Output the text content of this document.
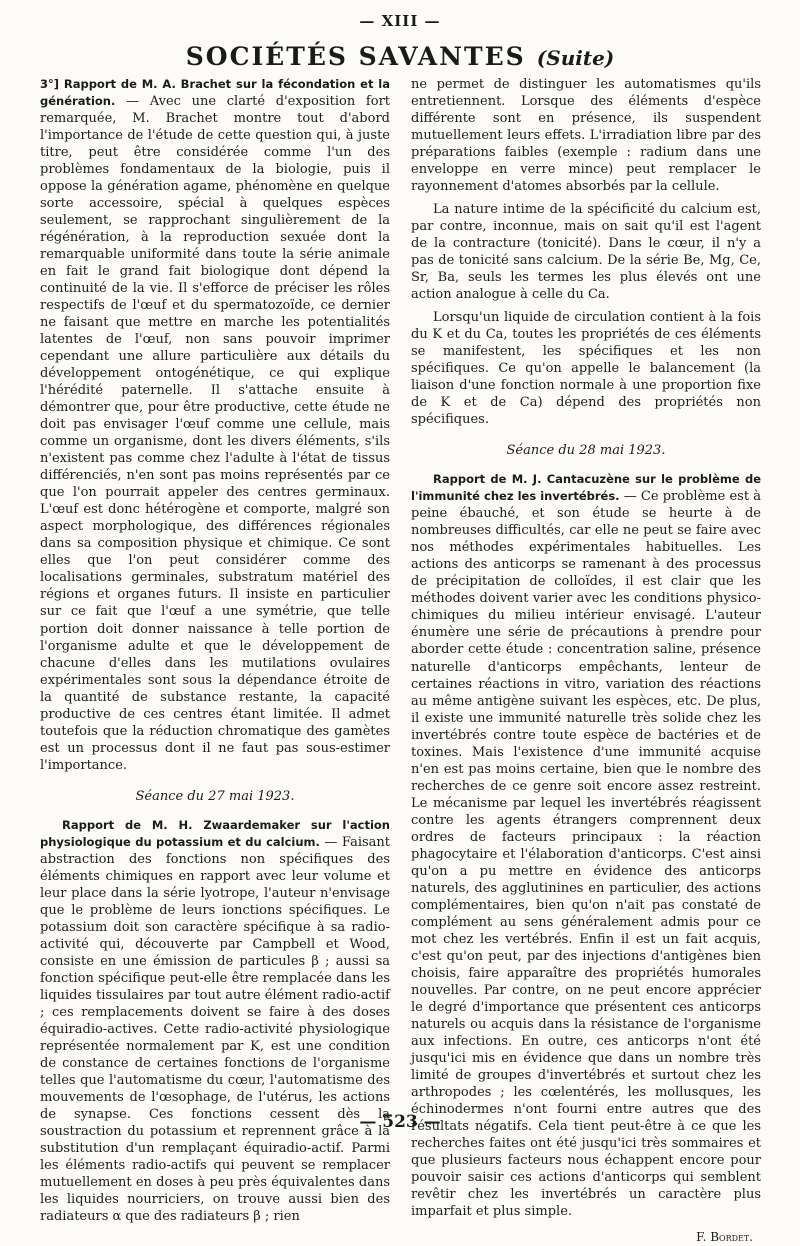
— XIII —
SOCIÉTÉS SAVANTES (Suite)

3°] Rapport de M. A. Brachet sur la fécondation et la génération. — Avec une clarté d'exposition fort remarquée, M. Brachet montre tout d'abord l'importance de l'étude de cette question qui, à juste titre, peut être considérée comme l'un des problèmes fondamentaux de la biologie, puis il oppose la génération agame, phénomène en quelque sorte accessoire, spécial à quelques espèces seulement, se rapprochant singulièrement de la régénération, à la reproduction sexuée dont la remarquable uniformité dans toute la série animale en fait le grand fait biologique dont dépend la continuité de la vie. Il s'efforce de préciser les rôles respectifs de l'œuf et du spermatozoïde, ce dernier ne faisant que mettre en marche les potentialités latentes de l'œuf, non sans pouvoir imprimer cependant une allure particulière aux détails du développement ontogénétique, ce qui explique l'hérédité paternelle. Il s'attache ensuite à démontrer que, pour être productive, cette étude ne doit pas envisager l'œuf comme une cellule, mais comme un organisme, dont les divers éléments, s'ils n'existent pas comme chez l'adulte à l'état de tissus différenciés, n'en sont pas moins représentés par ce que l'on pourrait appeler des centres germinaux. L'œuf est donc hétérogène et comporte, malgré son aspect morphologique, des différences régionales dans sa composition physique et chimique. Ce sont elles que l'on peut considérer comme des localisations germinales, substratum matériel des régions et organes futurs. Il insiste en particulier sur ce fait que l'œuf a une symétrie, que telle portion doit donner naissance à telle portion de l'organisme adulte et que le développement de chacune d'elles dans les mutilations ovulaires expérimentales sont sous la dépendance étroite de la quantité de substance restante, la capacité productive de ces centres étant limitée. Il admet toutefois que la réduction chromatique des gamètes est un processus dont il ne faut pas sous-estimer l'importance.

Séance du 27 mai 1923.

Rapport de M. H. Zwaardemaker sur l'action physiologique du potassium et du calcium. — Faisant abstraction des fonctions non spécifiques des éléments chimiques en rapport avec leur volume et leur place dans la série lyotrope, l'auteur n'envisage que le problème de leurs ionctions spécifiques. Le potassium doit son caractère spécifique à sa radio-activité qui, découverte par Campbell et Wood, consiste en une émission de particules β ; aussi sa fonction spécifique peut-elle être remplacée dans les liquides tissulaires par tout autre élément radio-actif ; ces remplacements doivent se faire à des doses équiradio-actives. Cette radio-activité physiologique représentée normalement par K, est une condition de constance de certaines fonctions de l'organisme telles que l'automatisme du cœur, l'automatisme des mouvements de l'œsophage, de l'utérus, les actions de synapse. Ces fonctions cessent dès la soustraction du potassium et reprennent grâce à la substitution d'un remplaçant équiradio-actif. Parmi les éléments radio-actifs qui peuvent se remplacer mutuellement en doses à peu près équivalentes dans les liquides nourriciers, on trouve aussi bien des radiateurs α que des radiateurs β ; rien

ne permet de distinguer les automatismes qu'ils entretiennent. Lorsque des éléments d'espèce différente sont en présence, ils suspendent mutuellement leurs effets. L'irradiation libre par des préparations faibles (exemple : radium dans une enveloppe en verre mince) peut remplacer le rayonnement d'atomes absorbés par la cellule.

La nature intime de la spécificité du calcium est, par contre, inconnue, mais on sait qu'il est l'agent de la contracture (tonicité). Dans le cœur, il n'y a pas de tonicité sans calcium. De la série Be, Mg, Ce, Sr, Ba, seuls les termes les plus élevés ont une action analogue à celle du Ca.

Lorsqu'un liquide de circulation contient à la fois du K et du Ca, toutes les propriétés de ces éléments se manifestent, les spécifiques et les non spécifiques. Ce qu'on appelle le balancement (la liaison d'une fonction normale à une proportion fixe de K et de Ca) dépend des propriétés non spécifiques.

Séance du 28 mai 1923.

Rapport de M. J. Cantacuzène sur le problème de l'immunité chez les invertébrés. — Ce problème est à peine ébauché, et son étude se heurte à de nombreuses difficultés, car elle ne peut se faire avec nos méthodes expérimentales habituelles. Les actions des anticorps se ramenant à des processus de précipitation de colloïdes, il est clair que les méthodes doivent varier avec les conditions physico-chimiques du milieu intérieur envisagé. L'auteur énumère une série de précautions à prendre pour aborder cette étude : concentration saline, présence naturelle d'anticorps empêchants, lenteur de certaines réactions in vitro, variation des réactions au même antigène suivant les espèces, etc. De plus, il existe une immunité naturelle très solide chez les invertébrés contre toute espèce de bactéries et de toxines. Mais l'existence d'une immunité acquise n'en est pas moins certaine, bien que le nombre des recherches de ce genre soit encore assez restreint. Le mécanisme par lequel les invertébrés réagissent contre les agents étrangers comprennent deux ordres de facteurs principaux : la réaction phagocytaire et l'élaboration d'anticorps. C'est ainsi qu'on a pu mettre en évidence des anticorps naturels, des agglutinines en particulier, des actions complémentaires, bien qu'on n'ait pas constaté de complément au sens généralement admis pour ce mot chez les vertébrés. Enfin il est un fait acquis, c'est qu'on peut, par des injections d'antigènes bien choisis, faire apparaître des propriétés humorales nouvelles. Par contre, on ne peut encore apprécier le degré d'importance que présentent ces anticorps naturels ou acquis dans la résistance de l'organisme aux infections. En outre, ces anticorps n'ont été jusqu'ici mis en évidence que dans un nombre très limité de groupes d'invertébrés et surtout chez les arthropodes ; les cœlentérés, les mollusques, les échinodermes n'ont fourni entre autres que des résultats négatifs. Cela tient peut-être à ce que les recherches faites ont été jusqu'ici très sommaires et que plusieurs facteurs nous échappent encore pour pouvoir saisir ces actions d'anticorps qui semblent revêtir chez les invertébrés un caractère plus imparfait et plus simple.

F. Bordet.
— 523 —
